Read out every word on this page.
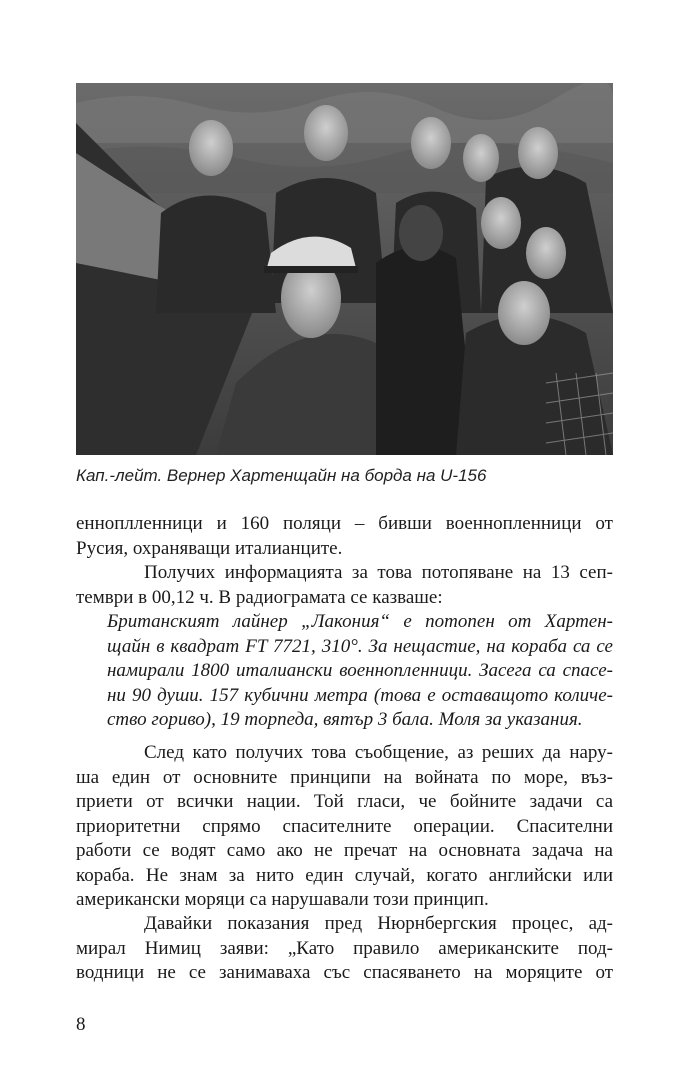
Кап.-лейт. Вернер Хартенщайн на борда на U-156
енноплленници и 160 поляци – бивши военнопленници от
Русия, охраняващи италианците.
Получих информацията за това потопяване на 13 сеп-
тември в 00,12 ч. В радиограмата се казваше:
Британският лайнер „Лакония“ е потопен от Хартен-
щайн в квадрат FT 7721, 310°. За нещастие, на кораба са се
намирали 1800 италиански военнопленници. Засега са спасе-
ни 90 души. 157 кубични метра (това е оставащото количе-
ство гориво), 19 торпеда, вятър 3 бала. Моля за указания.
След като получих това съобщение, аз реших да нару-
ша един от основните принципи на войната по море, въз-
приети от всички нации. Той гласи, че бойните задачи са
приоритетни спрямо спасителните операции. Спасителни
работи се водят само ако не пречат на основната задача на
кораба. Не знам за нито един случай, когато английски или
американски моряци са нарушавали този принцип.
Давайки показания пред Нюрнбергския процес, ад-
мирал Нимиц заяви: „Като правило американските под-
водници не се занимаваха със спасяването на моряците от
8
